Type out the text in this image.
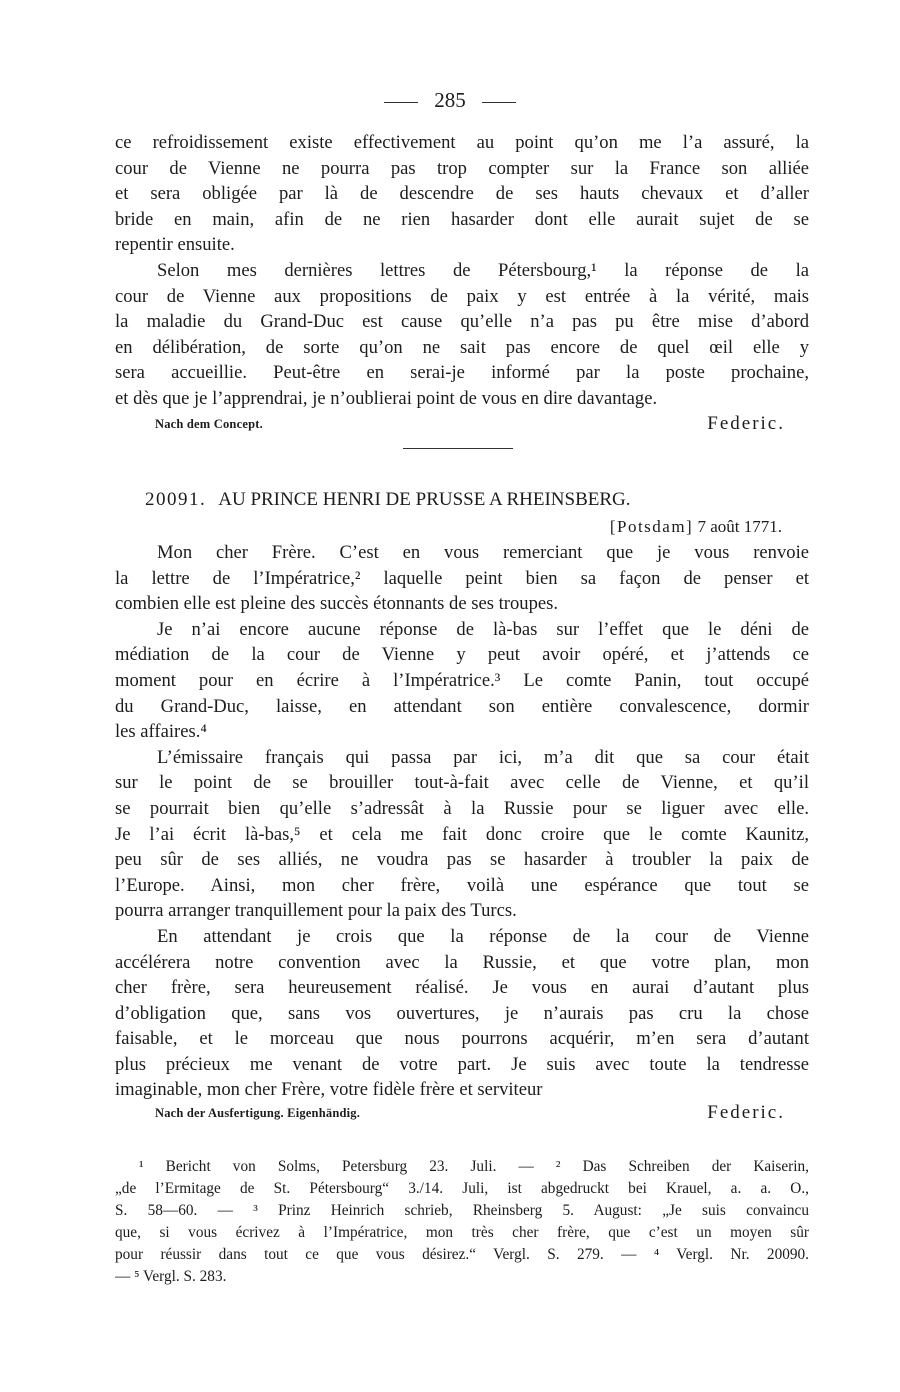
285
ce refroidissement existe effectivement au point qu’on me l’a assuré, la
cour de Vienne ne pourra pas trop compter sur la France son alliée
et sera obligée par là de descendre de ses hauts chevaux et d’aller
bride en main, afin de ne rien hasarder dont elle aurait sujet de se
repentir ensuite.
Selon mes dernières lettres de Pétersbourg,¹ la réponse de la
cour de Vienne aux propositions de paix y est entrée à la vérité, mais
la maladie du Grand-Duc est cause qu’elle n’a pas pu être mise d’abord
en délibération, de sorte qu’on ne sait pas encore de quel œil elle y
sera accueillie. Peut-être en serai-je informé par la poste prochaine,
et dès que je l’apprendrai, je n’oublierai point de vous en dire davantage.
Nach dem Concept.	Federic.
20091. AU PRINCE HENRI DE PRUSSE A RHEINSBERG.
[Potsdam] 7 août 1771.
Mon cher Frère. C’est en vous remerciant que je vous renvoie
la lettre de l’Impératrice,² laquelle peint bien sa façon de penser et
combien elle est pleine des succès étonnants de ses troupes.
Je n’ai encore aucune réponse de là-bas sur l’effet que le déni de
médiation de la cour de Vienne y peut avoir opéré, et j’attends ce
moment pour en écrire à l’Impératrice.³ Le comte Panin, tout occupé
du Grand-Duc, laisse, en attendant son entière convalescence, dormir
les affaires.⁴
L’émissaire français qui passa par ici, m’a dit que sa cour était
sur le point de se brouiller tout-à-fait avec celle de Vienne, et qu’il
se pourrait bien qu’elle s’adressât à la Russie pour se liguer avec elle.
Je l’ai écrit là-bas,⁵ et cela me fait donc croire que le comte Kaunitz,
peu sûr de ses alliés, ne voudra pas se hasarder à troubler la paix de
l’Europe. Ainsi, mon cher frère, voilà une espérance que tout se
pourra arranger tranquillement pour la paix des Turcs.
En attendant je crois que la réponse de la cour de Vienne
accélérera notre convention avec la Russie, et que votre plan, mon
cher frère, sera heureusement réalisé. Je vous en aurai d’autant plus
d’obligation que, sans vos ouvertures, je n’aurais pas cru la chose
faisable, et le morceau que nous pourrons acquérir, m’en sera d’autant
plus précieux me venant de votre part. Je suis avec toute la tendresse
imaginable, mon cher Frère, votre fidèle frère et serviteur
Nach der Ausfertigung. Eigenhändig.	Federic.
¹ Bericht von Solms, Petersburg 23. Juli. — ² Das Schreiben der Kaiserin,
„de l’Ermitage de St. Pétersbourg“ 3./14. Juli, ist abgedruckt bei Krauel, a. a. O.,
S. 58—60. — ³ Prinz Heinrich schrieb, Rheinsberg 5. August: „Je suis convaincu
que, si vous écrivez à l’Impératrice, mon très cher frère, que c’est un moyen sûr
pour réussir dans tout ce que vous désirez.“ Vergl. S. 279. — ⁴ Vergl. Nr. 20090.
— ⁵ Vergl. S. 283.
